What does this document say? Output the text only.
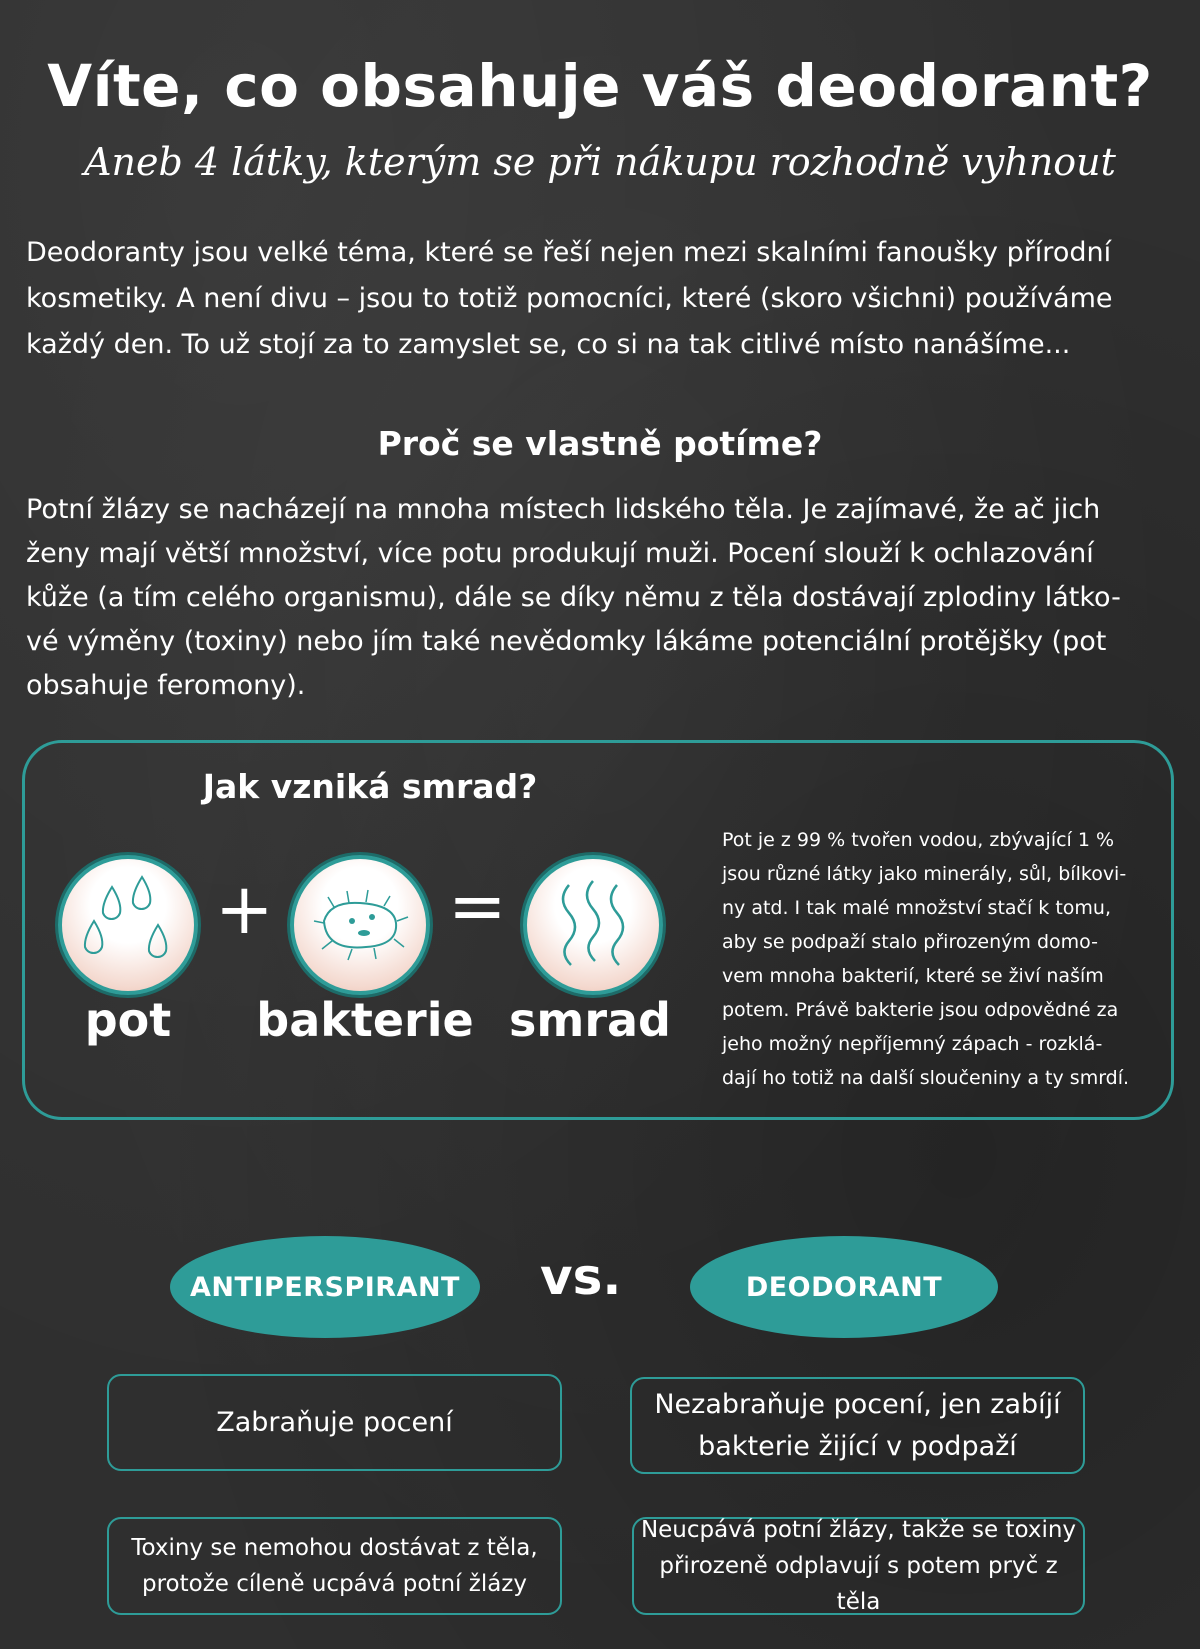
Víte, co obsahuje váš deodorant?
Aneb 4 látky, kterým se při nákupu rozhodně vyhnout
Deodoranty jsou velké téma, které se řeší nejen mezi skalními fanoušky přírodní
kosmetiky. A není divu – jsou to totiž pomocníci, které (skoro všichni) používáme
každý den. To už stojí za to zamyslet se, co si na tak citlivé místo nanášíme...
Proč se vlastně potíme?
Potní žlázy se nacházejí na mnoha místech lidského těla. Je zajímavé, že ač jich
ženy mají větší množství, více potu produkují muži. Pocení slouží k ochlazování
kůže (a tím celého organismu), dále se díky němu z těla dostávají zplodiny látko-
vé výměny (toxiny) nebo jím také nevědomky lákáme potenciální protějšky (pot
obsahuje feromony).
Jak vzniká smrad?
+ =
pot	bakterie smrad
Pot je z 99 % tvořen vodou, zbývající 1 %
jsou různé látky jako minerály, sůl, bílkovi-
ny atd. I tak malé množství stačí k tomu,
aby se podpaží stalo přirozeným domo-
vem mnoha bakterií, které se živí naším
potem. Právě bakterie jsou odpovědné za
jeho možný nepříjemný zápach - rozklá-
dají ho totiž na další sloučeniny a ty smrdí.
ANTIPERSPIRANT	vs.	DEODORANT
Zabraňuje pocení
Nezabraňuje pocení, jen zabíjí
bakterie žijící v podpaží
Toxiny se nemohou dostávat z těla,
protože cíleně ucpává potní žlázy
Neucpává potní žlázy, takže se toxiny
přirozeně odplavují s potem pryč z těla
